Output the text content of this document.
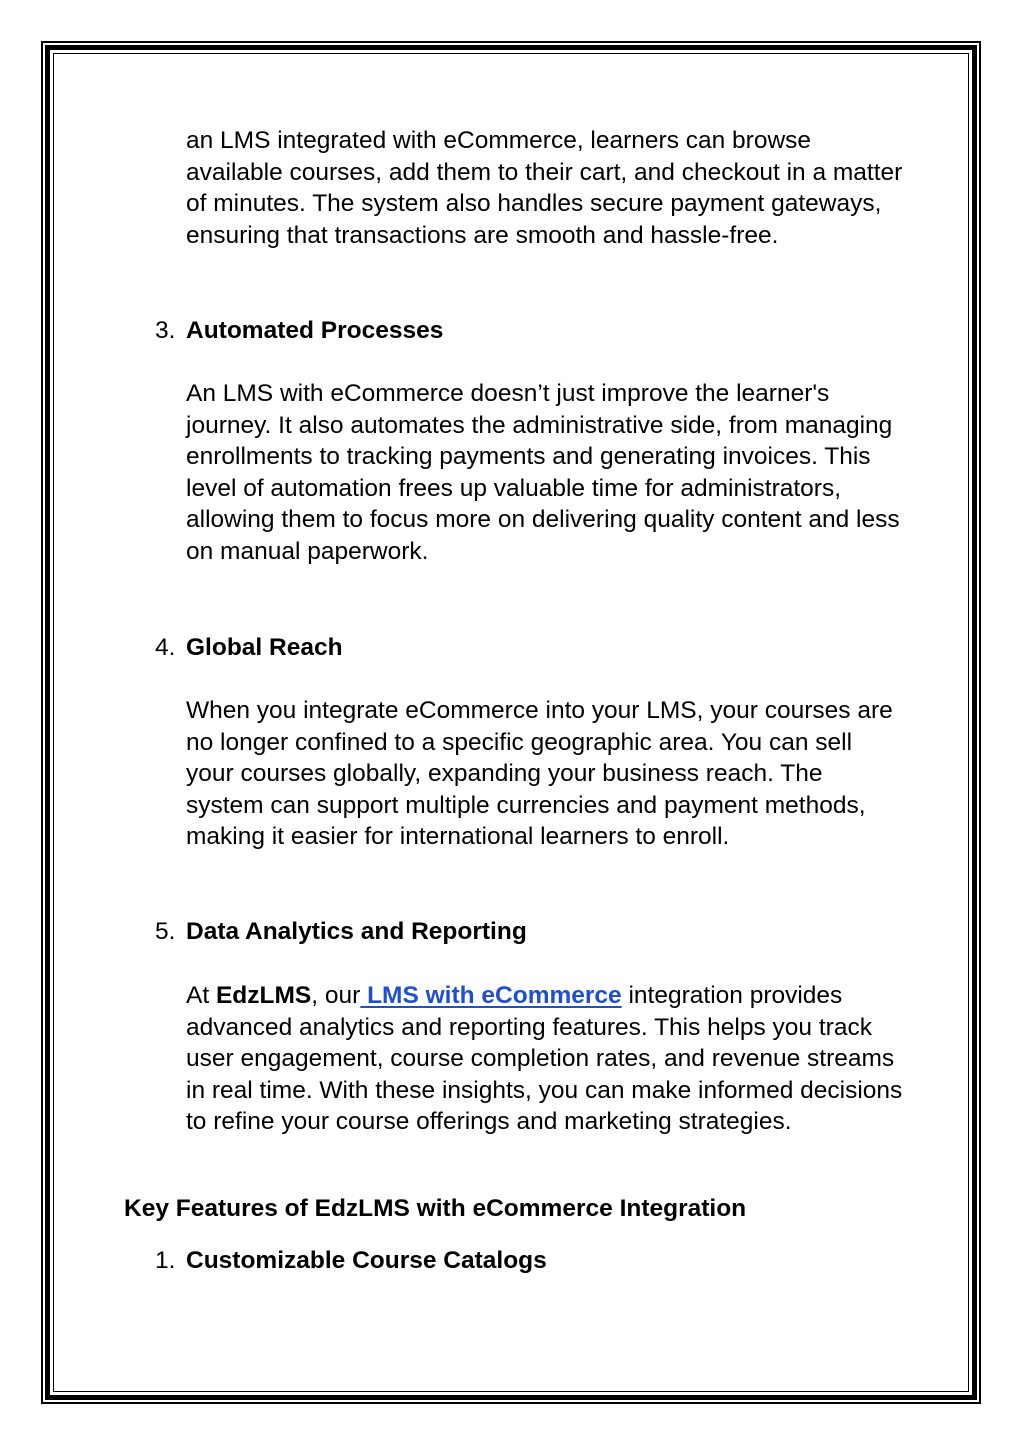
an LMS integrated with eCommerce, learners can browse available courses, add them to their cart, and checkout in a matter of minutes. The system also handles secure payment gateways, ensuring that transactions are smooth and hassle-free.

3. Automated Processes

An LMS with eCommerce doesn’t just improve the learner's journey. It also automates the administrative side, from managing enrollments to tracking payments and generating invoices. This level of automation frees up valuable time for administrators, allowing them to focus more on delivering quality content and less on manual paperwork.

4. Global Reach

When you integrate eCommerce into your LMS, your courses are no longer confined to a specific geographic area. You can sell your courses globally, expanding your business reach. The system can support multiple currencies and payment methods, making it easier for international learners to enroll.

5. Data Analytics and Reporting

At EdzLMS, our LMS with eCommerce integration provides advanced analytics and reporting features. This helps you track user engagement, course completion rates, and revenue streams in real time. With these insights, you can make informed decisions to refine your course offerings and marketing strategies.

Key Features of EdzLMS with eCommerce Integration

1. Customizable Course Catalogs
